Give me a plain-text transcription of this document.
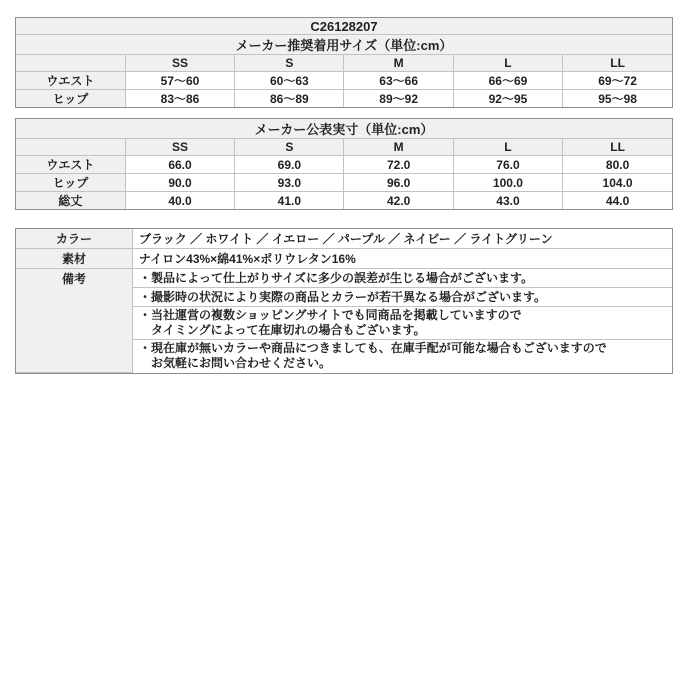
C26128207					
メーカー推奨着用サイズ（単位:cm）					
	SS	S	M	L	LL
ウエスト	57～60	60～63	63～66	66～69	69～72
ヒップ	83～86	86～89	89～92	92～95	95～98
メーカー公表実寸（単位:cm）					
	SS	S	M	L	LL
ウエスト	66.0	69.0	72.0	76.0	80.0
ヒップ	90.0	93.0	96.0	100.0	104.0
総丈	40.0	41.0	42.0	43.0	44.0
カラー	ブラック ／ ホワイト ／ イエロー ／ パープル ／ ネイビー ／ ライトグリーン
素材	ナイロン43%×綿41%×ポリウレタン16%
備考	・製品によって仕上がりサイズに多少の誤差が生じる場合がございます。

	・撮影時の状況により実際の商品とカラーが若干異なる場合がございます。

	・当社運営の複数ショッピングサイトでも同商品を掲載していますので
タイミングによって在庫切れの場合もございます。

	・現在庫が無いカラーや商品につきましても、在庫手配が可能な場合もございますので
お気軽にお問い合わせください。
